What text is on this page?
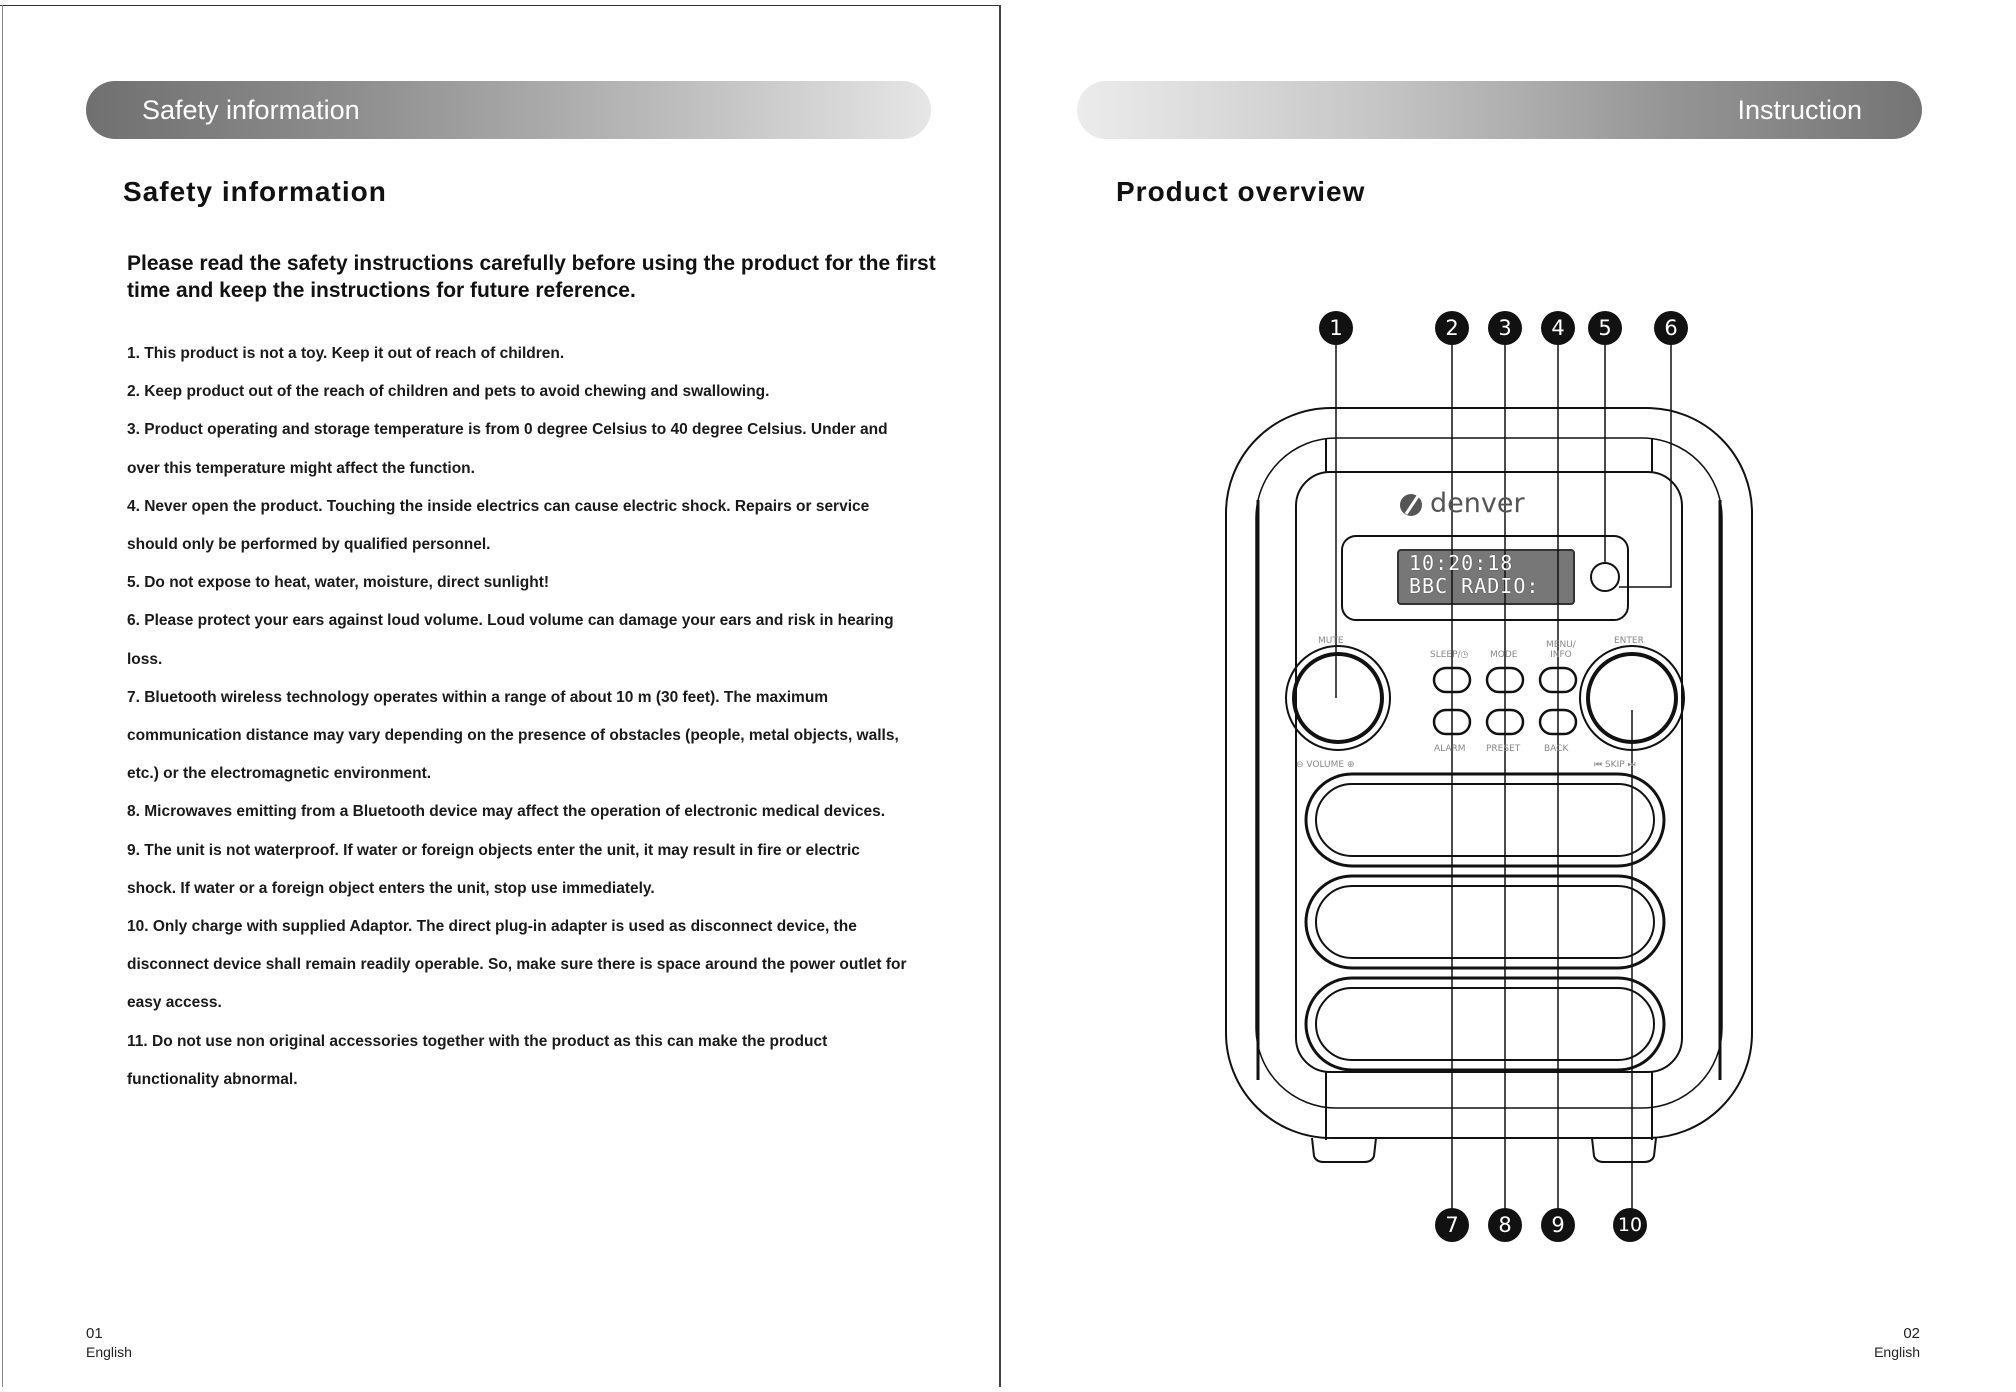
Safety information
Safety information
Please read the safety instructions carefully before using the product for the first time and keep the instructions for future reference.
1. This product is not a toy. Keep it out of reach of children.
2. Keep product out of the reach of children and pets to avoid chewing and swallowing.
3. Product operating and storage temperature is from 0 degree Celsius to 40 degree Celsius. Under and
over this temperature might affect the function.
4. Never open the product. Touching the inside electrics can cause electric shock. Repairs or service
should only be performed by qualified personnel.
5. Do not expose to heat, water, moisture, direct sunlight!
6. Please protect your ears against loud volume. Loud volume can damage your ears and risk in hearing
loss.
7. Bluetooth wireless technology operates within a range of about 10 m (30 feet). The maximum
communication distance may vary depending on the presence of obstacles (people, metal objects, walls,
etc.) or the electromagnetic environment.
8. Microwaves emitting from a Bluetooth device may affect the operation of electronic medical devices.
9. The unit is not waterproof. If water or foreign objects enter the unit, it may result in fire or electric
shock. If water or a foreign object enters the unit, stop use immediately.
10. Only charge with supplied Adaptor. The direct plug-in adapter is used as disconnect device, the
disconnect device shall remain readily operable. So, make sure there is space around the power outlet for
easy access.
11. Do not use non original accessories together with the product as this can make the product
functionality abnormal.
01
English
Instruction
Product overview
denver
10:20:18
BBC RADIO:
MUTE
⊖ VOLUME ⊕
ENTER
⏮ SKIP ⏭
SLEEP/◷ MODE
MENU/
INFO
ALARM PRESET	BACK
1	2	3	4	5	6
7	8	9	10
02
English
